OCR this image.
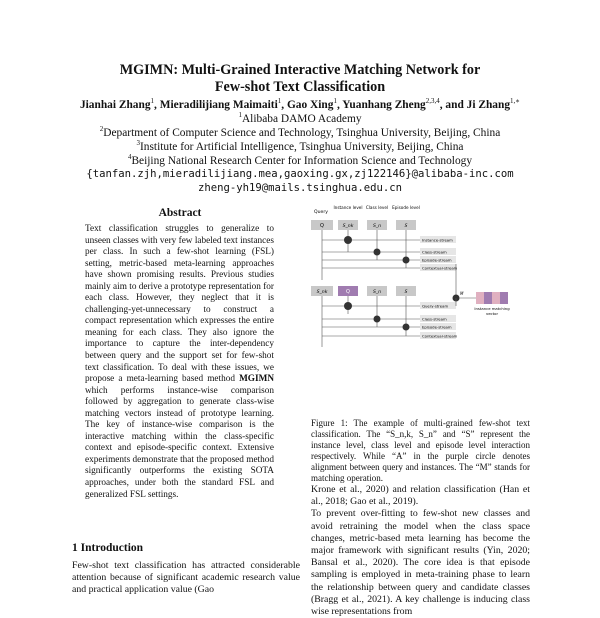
MGIMN: Multi-Grained Interactive Matching Network for
Few-shot Text Classification
Jianhai Zhang$^1$, Mieradilijiang Maimaiti$^1$, Gao Xing$^1$, Yuanhang Zheng$^{2,3,4}$, and Ji Zhang$^{1,∗}$
$^1$Alibaba DAMO Academy
$^2$Department of Computer Science and Technology, Tsinghua University, Beijing, China
$^3$Institute for Artificial Intelligence, Tsinghua University, Beijing, China
$^4$Beijing National Research Center for Information Science and Technology
{tanfan.zjh,mieradilijiang.mea,gaoxing.gx,zj122146}@alibaba-inc.com
zheng-yh19@mails.tsinghua.edu.cn
Abstract
Text classification struggles to generalize to unseen classes with very few labeled text instances per class. In such a few-shot learning (FSL) setting, metric-based meta-learning approaches have shown promising results. Previous studies mainly aim to derive a prototype representation for each class. However, they neglect that it is challenging-yet-unnecessary to construct a compact representation which expresses the entire meaning for each class. They also ignore the importance to capture the inter-dependency between query and the support set for few-shot text classification. To deal with these issues, we propose a meta-learning based method MGIMN which performs instance-wise comparison followed by aggregation to generate class-wise matching vectors instead of prototype learning. The key of instance-wise comparison is the interactive matching within the class-specific context and episode-specific context. Extensive experiments demonstrate that the proposed method significantly outperforms the existing SOTA approaches, under both the standard FSL and generalized FSL settings.
1 Introduction
Few-shot text classification has attracted considerable attention because of significant academic research value and practical application value (Gao
Query
Instance level Class level Episode level
Q	S_nk	S_n	S
Instance-stream
Class-stream
Episode-stream
Contextual-stream
M
S_nk	Q	S_n	S
Query-stream
Class-stream
Episode-stream
Contextual-stream
Instance matching
vector
Figure 1: The example of multi-grained few-shot text classification. The “S_n,k, S_n” and “S” represent the instance level, class level and episode level interaction respectively. While “A” in the purple circle denotes alignment between query and instances. The “M” stands for matching operation.
Krone et al., 2020) and relation classification (Han et al., 2018; Gao et al., 2019).
To prevent over-fitting to few-shot new classes and avoid retraining the model when the class space changes, metric-based meta learning has become the major framework with significant results (Yin, 2020; Bansal et al., 2020). The core idea is that episode sampling is employed in meta-training phase to learn the relationship between query and candidate classes (Bragg et al., 2021). A key challenge is inducing class wise representations from
